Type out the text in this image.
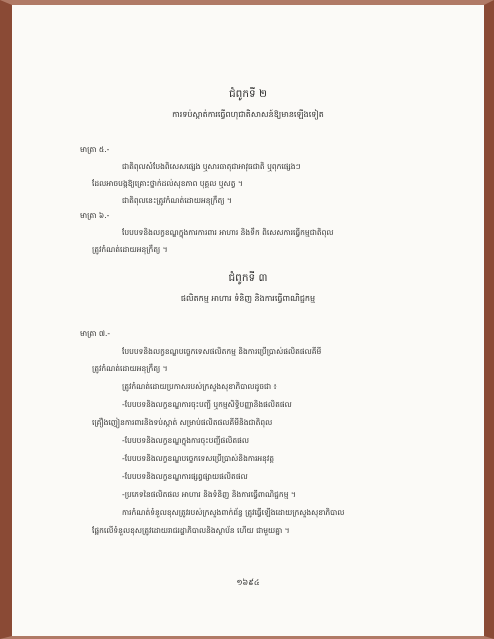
ជំពូកទី ២
ការទប់ស្កាត់ការធ្វើពហុជាតិសាសន៍ឱ្យមានឡើងទៀត
មាត្រា ៥.-
ជាតិពុលសំបែងពិសេសផ្សេង ឬសារធាតុជាអាវុធជាតិ ឬពុកផ្សេងៗ
ដែលអាចបង្កឱ្យគ្រោះថ្នាក់ដល់សុខភាព បុគ្គល ឬសត្វ ។
ជាតិពុលនេះត្រូវកំណត់ដោយអនុក្រឹត្យ ។
មាត្រា ៦.-
បែបបទនិងលក្ខខណ្ឌក្នុងការការពារ អាហារ និងទឹក ពិសេសការធ្វើកម្មជាតិពុល
ត្រូវកំណត់ដោយអនុក្រឹត្យ ។
ជំពូកទី ៣
ផលិតកម្ម អាហារ ទំនិញ និងការធ្វើពាណិជ្ជកម្ម
មាត្រា ៧.-
បែបបទនិងលក្ខខណ្ឌបច្ចេកទេសផលិតកម្ម និងការប្រើប្រាស់ផលិតផលគីមី
ត្រូវកំណត់ដោយអនុក្រឹត្យ ។
ត្រូវកំណត់ដោយប្រកាសរបស់ក្រសួងសុខាភិបាលដូចជា ៖
-បែបបទនិងលក្ខខណ្ឌការចុះបញ្ជី ឬកម្មសិទ្ធិបញ្ញានិងផលិតផល
គ្រឿងញៀនការពារនិងទប់ស្កាត់ សម្រាប់ផលិតផលគីមីនិងជាតិពុល
-បែបបទនិងលក្ខខណ្ឌក្នុងការចុះបញ្ជីផលិតផល
-បែបបទនិងលក្ខខណ្ឌបច្ចេកទេសប្រើប្រាស់និងការអនុវត្ត
-បែបបទនិងលក្ខខណ្ឌការផ្សព្វផ្សាយផលិតផល
-ប្រភេទនៃផលិតផល អាហារ និងទំនិញ និងការធ្វើពាណិជ្ជកម្ម ។
ការកំណត់ទំនួលខុសត្រូវរបស់ក្រសួងពាក់ព័ន្ធ ត្រូវធ្វើឡើងដោយក្រសួងសុខាភិបាល
ផ្អែកលើទំនួលខុសត្រូវដោយរាជរដ្ឋាភិបាលនិងស្ថាប័ន ហើយ ជាមួយគ្នា ។
១៦៩៤
